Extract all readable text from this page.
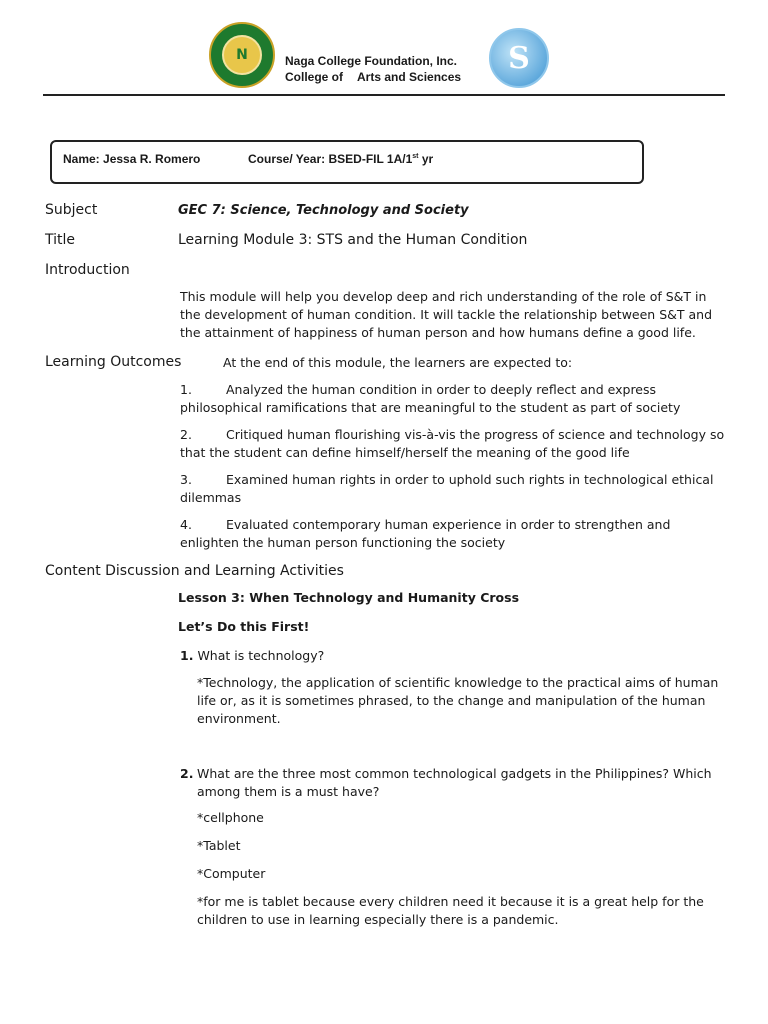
N	Naga College Foundation, Inc.
College of Arts and Sciences
S
Name: Jessa R. Romero	Course/ Year: BSED-FIL 1A/1st yr
Subject	GEC 7: Science, Technology and Society
Title	Learning Module 3: STS and the Human Condition
Introduction
This module will help you develop deep and rich understanding of the role of S&T in the development of human condition. It will tackle the relationship between S&T and the attainment of happiness of human person and how humans define a good life.
Learning Outcomes	At the end of this module, the learners are expected to:
1.	Analyzed the human condition in order to deeply reflect and express philosophical ramifications that are meaningful to the student as part of society
2.	Critiqued human flourishing vis-à-vis the progress of science and technology so that the student can define himself/herself the meaning of the good life
3.	Examined human rights in order to uphold such rights in technological ethical dilemmas
4.	Evaluated contemporary human experience in order to strengthen and enlighten the human person functioning the society
Content Discussion and Learning Activities
Lesson 3: When Technology and Humanity Cross
Let’s Do this First!
1. What is technology?
*Technology, the application of scientific knowledge to the practical aims of human life or, as it is sometimes phrased, to the change and manipulation of the human environment.
2. What are the three most common technological gadgets in the Philippines? Which among them is a must have?
*cellphone
*Tablet
*Computer
*for me is tablet because every children need it because it is a great help for the children to use in learning especially there is a pandemic.
